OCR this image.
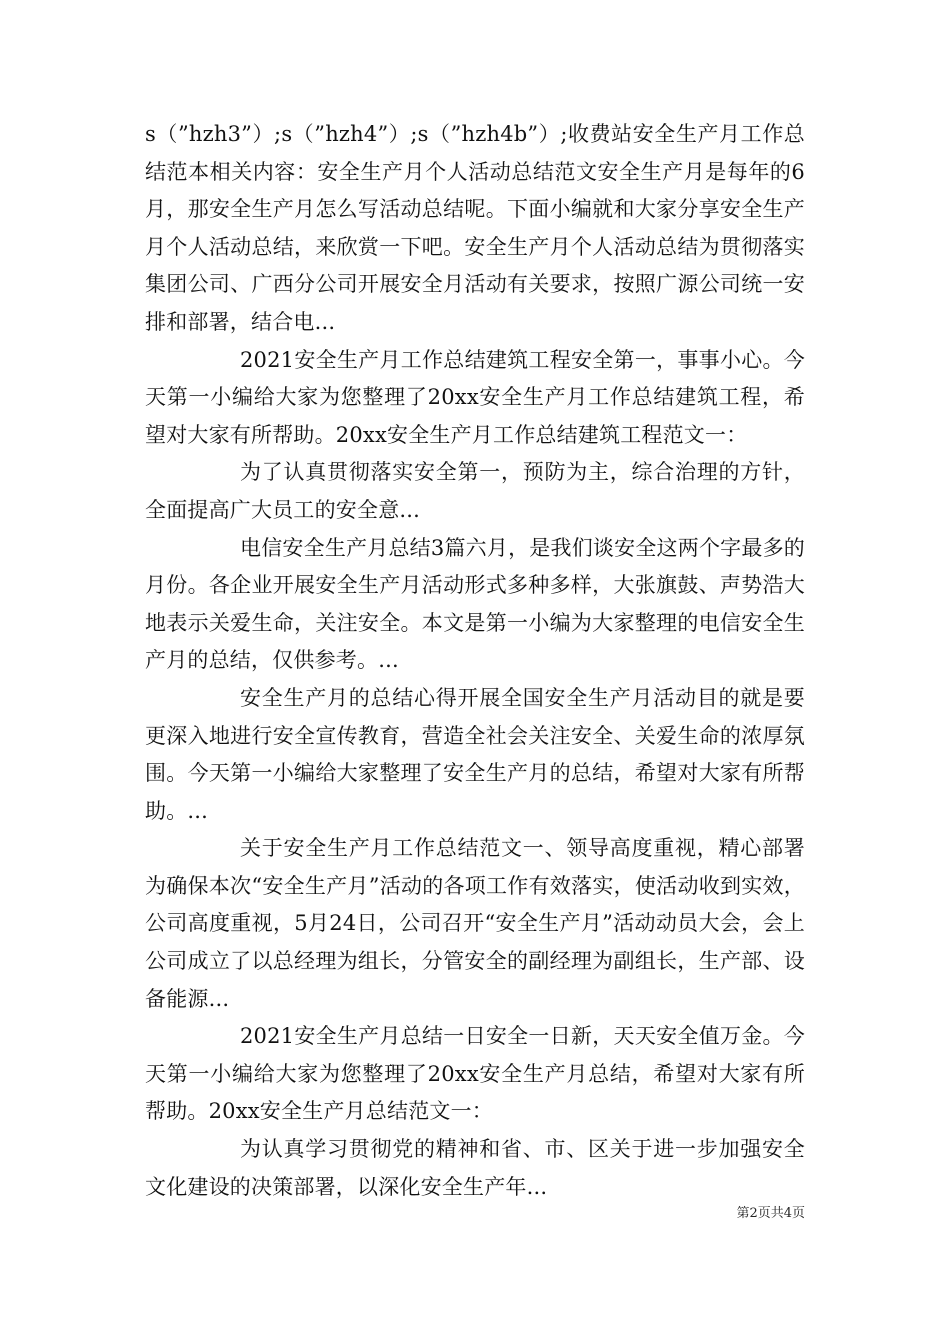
s（”hzh3”）;s（”hzh4”）;s（”hzh4b”）;收费站安全生产月工作总结范本相关内容：安全生产月个人活动总结范文安全生产月是每年的6月，那安全生产月怎么写活动总结呢。下面小编就和大家分享安全生产月个人活动总结，来欣赏一下吧。安全生产月个人活动总结为贯彻落实集团公司、广西分公司开展安全月活动有关要求，按照广源公司统一安排和部署，结合电...

2021安全生产月工作总结建筑工程安全第一，事事小心。今天第一小编给大家为您整理了20xx安全生产月工作总结建筑工程，希望对大家有所帮助。20xx安全生产月工作总结建筑工程范文一：

为了认真贯彻落实安全第一，预防为主，综合治理的方针，全面提高广大员工的安全意...

电信安全生产月总结3篇六月，是我们谈安全这两个字最多的月份。各企业开展安全生产月活动形式多种多样，大张旗鼓、声势浩大地表示关爱生命，关注安全。本文是第一小编为大家整理的电信安全生产月的总结，仅供参考。...

安全生产月的总结心得开展全国安全生产月活动目的就是要更深入地进行安全宣传教育，营造全社会关注安全、关爱生命的浓厚氛围。今天第一小编给大家整理了安全生产月的总结，希望对大家有所帮助。...

关于安全生产月工作总结范文一、领导高度重视，精心部署为确保本次“安全生产月”活动的各项工作有效落实，使活动收到实效，公司高度重视，5月24日，公司召开“安全生产月”活动动员大会，会上公司成立了以总经理为组长，分管安全的副经理为副组长，生产部、设备能源...

2021安全生产月总结一日安全一日新，天天安全值万金。今天第一小编给大家为您整理了20xx安全生产月总结，希望对大家有所帮助。20xx安全生产月总结范文一：

为认真学习贯彻党的精神和省、市、区关于进一步加强安全文化建设的决策部署，以深化安全生产年...

第2页共4页
